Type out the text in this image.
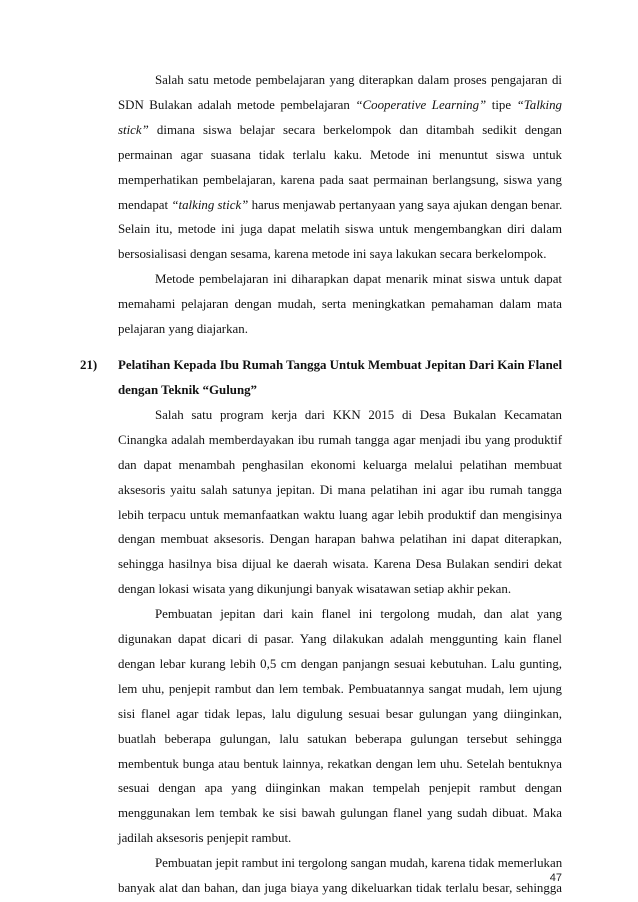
Salah satu metode pembelajaran yang diterapkan dalam proses pengajaran di
SDN Bulakan adalah metode pembelajaran “Cooperative Learning” tipe “Talking
stick” dimana siswa belajar secara berkelompok dan ditambah sedikit dengan
permainan agar suasana tidak terlalu kaku. Metode ini menuntut siswa untuk
memperhatikan pembelajaran, karena pada saat permainan berlangsung, siswa yang
mendapat “talking stick” harus menjawab pertanyaan yang saya ajukan dengan benar.
Selain itu, metode ini juga dapat melatih siswa untuk mengembangkan diri dalam
bersosialisasi dengan sesama, karena metode ini saya lakukan secara berkelompok.
Metode pembelajaran ini diharapkan dapat menarik minat siswa untuk dapat
memahami pelajaran dengan mudah, serta meningkatkan pemahaman dalam mata
pelajaran yang diajarkan.
21) Pelatihan Kepada Ibu Rumah Tangga Untuk Membuat Jepitan Dari Kain Flanel
dengan Teknik “Gulung”
Salah satu program kerja dari KKN 2015 di Desa Bukalan Kecamatan
Cinangka adalah memberdayakan ibu rumah tangga agar menjadi ibu yang produktif
dan dapat menambah penghasilan ekonomi keluarga melalui pelatihan membuat
aksesoris yaitu salah satunya jepitan. Di mana pelatihan ini agar ibu rumah tangga
lebih terpacu untuk memanfaatkan waktu luang agar lebih produktif dan mengisinya
dengan membuat aksesoris. Dengan harapan bahwa pelatihan ini dapat diterapkan,
sehingga hasilnya bisa dijual ke daerah wisata. Karena Desa Bulakan sendiri dekat
dengan lokasi wisata yang dikunjungi banyak wisatawan setiap akhir pekan.
Pembuatan jepitan dari kain flanel ini tergolong mudah, dan alat yang
digunakan dapat dicari di pasar. Yang dilakukan adalah menggunting kain flanel
dengan lebar kurang lebih 0,5 cm dengan panjangn sesuai kebutuhan. Lalu gunting,
lem uhu, penjepit rambut dan lem tembak. Pembuatannya sangat mudah, lem ujung
sisi flanel agar tidak lepas, lalu digulung sesuai besar gulungan yang diinginkan,
buatlah beberapa gulungan, lalu satukan beberapa gulungan tersebut sehingga
membentuk bunga atau bentuk lainnya, rekatkan dengan lem uhu. Setelah bentuknya
sesuai dengan apa yang diinginkan makan tempelah penjepit rambut dengan
menggunakan lem tembak ke sisi bawah gulungan flanel yang sudah dibuat. Maka
jadilah aksesoris penjepit rambut.
Pembuatan jepit rambut ini tergolong sangan mudah, karena tidak memerlukan
banyak alat dan bahan, dan juga biaya yang dikeluarkan tidak terlalu besar, sehingga
47
